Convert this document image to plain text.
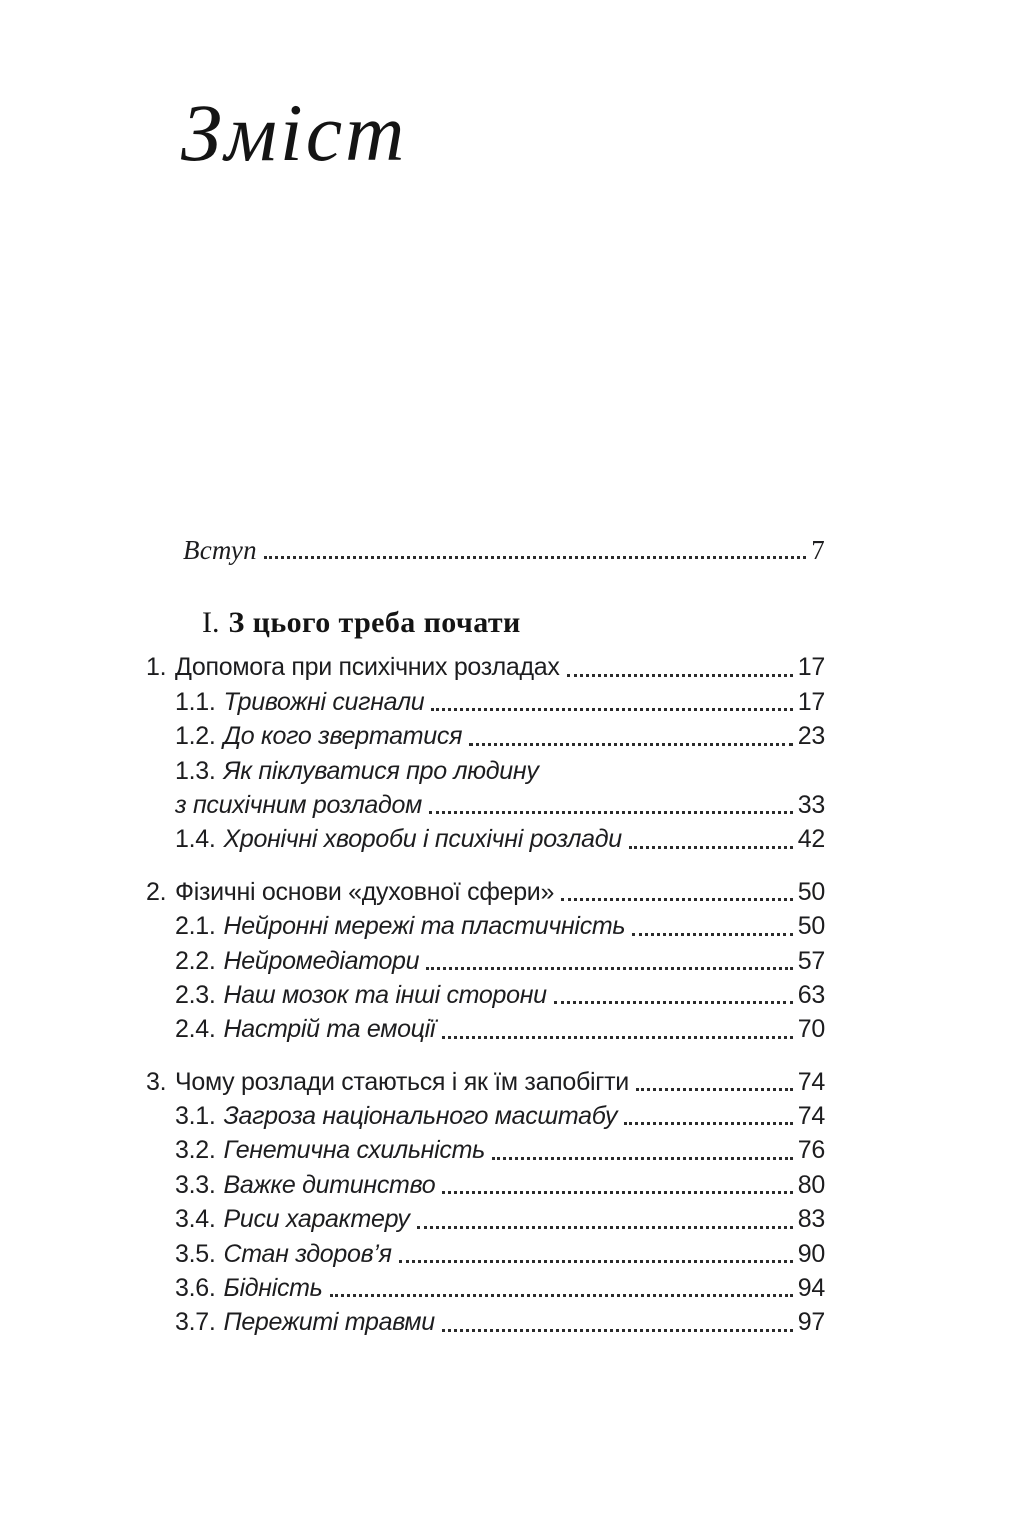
Зміст
Вступ	7
I. З цього треба почати
1. Допомога при психічних розладах	17
1.1. Тривожні сигнали	17
1.2. До кого звертатися	23
1.3. Як піклуватися про людину
з психічним розладом	33
1.4. Хронічні хвороби і психічні розлади	42
2. Фізичні основи «духовної сфери»	50
2.1. Нейронні мережі та пластичність	50
2.2. Нейромедіатори	57
2.3. Наш мозок та інші сторони	63
2.4. Настрій та емоції	70
3. Чому розлади стаються і як їм запобігти	74
3.1. Загроза національного масштабу	74
3.2. Генетична схильність	76
3.3. Важке дитинство	80
3.4. Риси характеру	83
3.5. Стан здоров’я	90
3.6. Бідність	94
3.7. Пережиті травми	97
